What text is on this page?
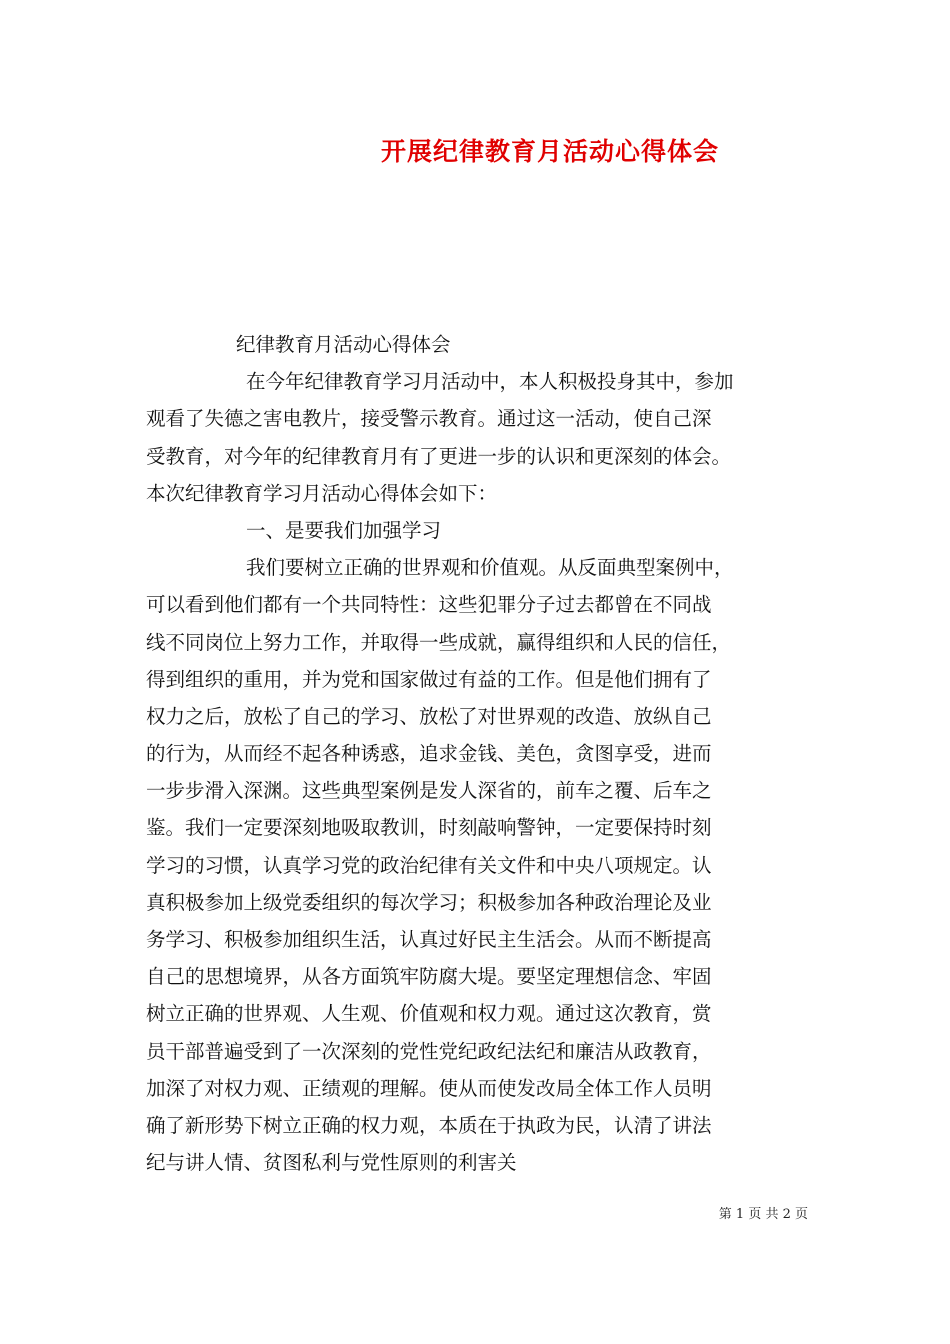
开展纪律教育月活动心得体会
纪律教育月活动心得体会
在今年纪律教育学习月活动中，本人积极投身其中，参加
观看了失德之害电教片，接受警示教育。通过这一活动，使自己深
受教育，对今年的纪律教育月有了更进一步的认识和更深刻的体会。
本次纪律教育学习月活动心得体会如下：
一、是要我们加强学习
我们要树立正确的世界观和价值观。从反面典型案例中，
可以看到他们都有一个共同特性：这些犯罪分子过去都曾在不同战
线不同岗位上努力工作，并取得一些成就，赢得组织和人民的信任，
得到组织的重用，并为党和国家做过有益的工作。但是他们拥有了
权力之后，放松了自己的学习、放松了对世界观的改造、放纵自己
的行为，从而经不起各种诱惑，追求金钱、美色，贪图享受，进而
一步步滑入深渊。这些典型案例是发人深省的，前车之覆、后车之
鉴。我们一定要深刻地吸取教训，时刻敲响警钟，一定要保持时刻
学习的习惯，认真学习党的政治纪律有关文件和中央八项规定。认
真积极参加上级党委组织的每次学习；积极参加各种政治理论及业
务学习、积极参加组织生活，认真过好民主生活会。从而不断提高
自己的思想境界，从各方面筑牢防腐大堤。要坚定理想信念、牢固
树立正确的世界观、人生观、价值观和权力观。通过这次教育，赏
员干部普遍受到了一次深刻的党性党纪政纪法纪和廉洁从政教育，
加深了对权力观、正绩观的理解。使从而使发改局全体工作人员明
确了新形势下树立正确的权力观，本质在于执政为民，认清了讲法
纪与讲人情、贫图私利与党性原则的利害关
第 1 页 共 2 页
